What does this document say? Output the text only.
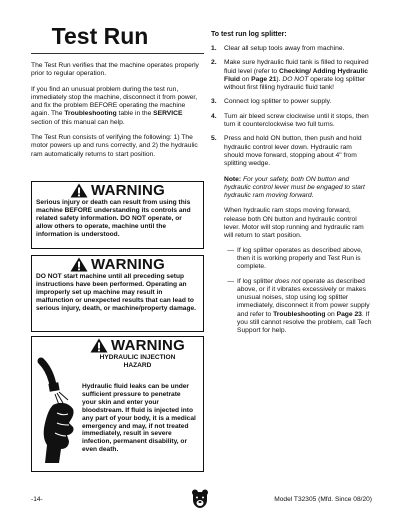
Test Run

The Test Run verifies that the machine operates properly prior to regular operation.

If you find an unusual problem during the test run, immediately stop the machine, disconnect it from power, and fix the problem BEFORE operating the machine again. The Troubleshooting table in the SERVICE section of this manual can help.

The Test Run consists of verifying the following: 1) The motor powers up and runs correctly, and 2) the hydraulic ram automatically returns to start position.

WARNING
Serious injury or death can result from using this machine BEFORE understanding its controls and related safety information. DO NOT operate, or allow others to operate, machine until the information is understood.
WARNING
DO NOT start machine until all preceding setup instructions have been performed. Operating an improperly set up machine may result in malfunction or unexpected results that can lead to serious injury, death, or machine/property damage.
WARNING
HYDRAULIC INJECTION
HAZARD
Hydraulic fluid leaks can be under sufficient pressure to penetrate your skin and enter your bloodstream. If fluid is injected into any part of your body, it is a medical emergency and may, if not treated immediately, result in severe infection, permanent disability, or even death.
To test run log splitter:
1.	Clear all setup tools away from machine.

2.	Make sure hydraulic fluid tank is filled to required fluid level (refer to Checking/ Adding Hydraulic Fluid on Page 21). DO NOT operate log splitter without first filling hydraulic fluid tank!

3.	Connect log splitter to power supply.

4.	Turn air bleed screw clockwise until it stops, then turn it counterclockwise two full turns.

5.	Press and hold ON button, then push and hold hydraulic control lever down. Hydraulic ram should move forward, stopping about 4" from splitting wedge.

Note: For your safety, both ON button and hydraulic control lever must be engaged to start hydraulic ram moving forward.

When hydraulic ram stops moving forward, release both ON button and hydraulic control lever. Motor will stop running and hydraulic ram will return to start position.

— If log splitter operates as described above, then it is working properly and Test Run is complete.

— If log splitter does not operate as described above, or if it vibrates excessively or makes unusual noises, stop using log splitter immediately, disconnect it from power supply and refer to Troubleshooting on Page 23. If you still cannot resolve the problem, call Tech Support for help.

-14-	Model T32305 (Mfd. Since 08/20)
